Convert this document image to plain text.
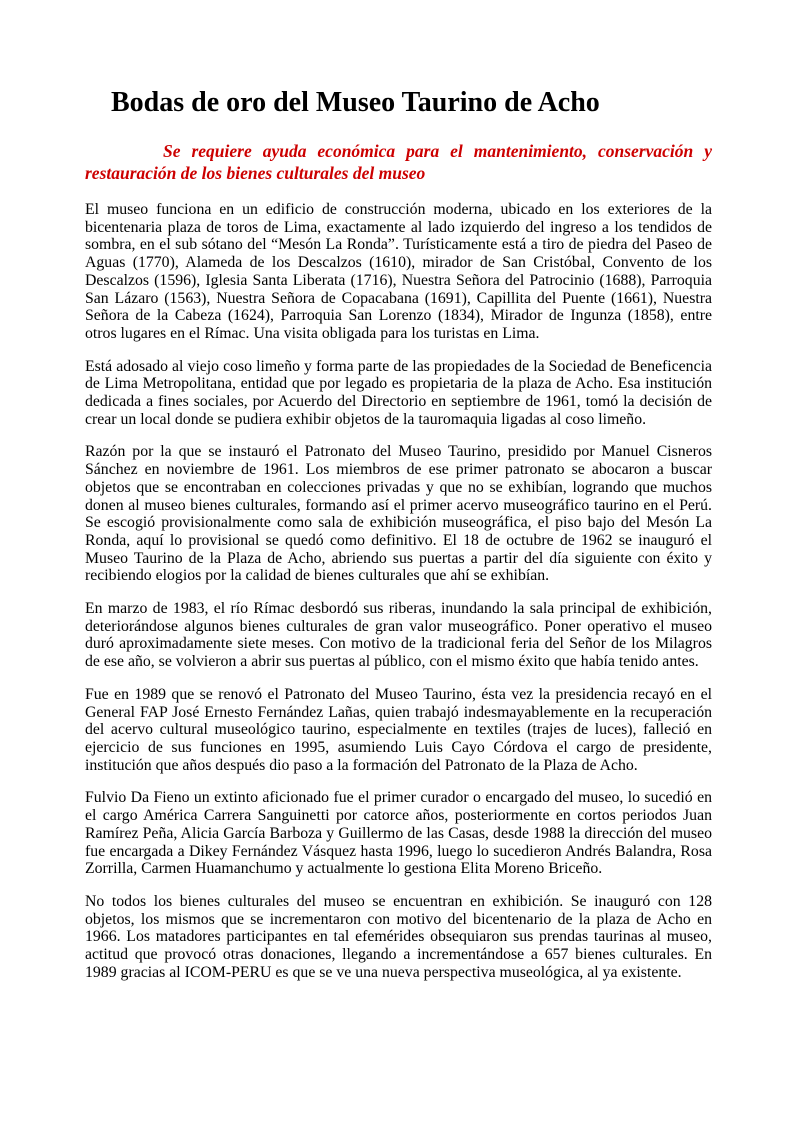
Bodas de oro del Museo Taurino de Acho

Se requiere ayuda económica para el mantenimiento, conservación y restauración de los bienes culturales del museo

El museo funciona en un edificio de construcción moderna, ubicado en los exteriores de la bicentenaria plaza de toros de Lima, exactamente al lado izquierdo del ingreso a los tendidos de sombra, en el sub sótano del “Mesón La Ronda”. Turísticamente está a tiro de piedra del Paseo de Aguas (1770), Alameda de los Descalzos (1610), mirador de San Cristóbal, Convento de los Descalzos (1596), Iglesia Santa Liberata (1716), Nuestra Señora del Patrocinio (1688), Parroquia San Lázaro (1563), Nuestra Señora de Copacabana (1691), Capillita del Puente (1661), Nuestra Señora de la Cabeza (1624), Parroquia San Lorenzo (1834), Mirador de Ingunza (1858), entre otros lugares en el Rímac. Una visita obligada para los turistas en Lima.

Está adosado al viejo coso limeño y forma parte de las propiedades de la Sociedad de Beneficencia de Lima Metropolitana, entidad que por legado es propietaria de la plaza de Acho. Esa institución dedicada a fines sociales, por Acuerdo del Directorio en septiembre de 1961, tomó la decisión de crear un local donde se pudiera exhibir objetos de la tauromaquia ligadas al coso limeño.

Razón por la que se instauró el Patronato del Museo Taurino, presidido por Manuel Cisneros Sánchez en noviembre de 1961. Los miembros de ese primer patronato se abocaron a buscar objetos que se encontraban en colecciones privadas y que no se exhibían, logrando que muchos donen al museo bienes culturales, formando así el primer acervo museográfico taurino en el Perú. Se escogió provisionalmente como sala de exhibición museográfica, el piso bajo del Mesón La Ronda, aquí lo provisional se quedó como definitivo. El 18 de octubre de 1962 se inauguró el Museo Taurino de la Plaza de Acho, abriendo sus puertas a partir del día siguiente con éxito y recibiendo elogios por la calidad de bienes culturales que ahí se exhibían.

En marzo de 1983, el río Rímac desbordó sus riberas, inundando la sala principal de exhibición, deteriorándose algunos bienes culturales de gran valor museográfico. Poner operativo el museo duró aproximadamente siete meses. Con motivo de la tradicional feria del Señor de los Milagros de ese año, se volvieron a abrir sus puertas al público, con el mismo éxito que había tenido antes.

Fue en 1989 que se renovó el Patronato del Museo Taurino, ésta vez la presidencia recayó en el General FAP José Ernesto Fernández Lañas, quien trabajó indesmayablemente en la recuperación del acervo cultural museológico taurino, especialmente en textiles (trajes de luces), falleció en ejercicio de sus funciones en 1995, asumiendo Luis Cayo Córdova el cargo de presidente, institución que años después dio paso a la formación del Patronato de la Plaza de Acho.

Fulvio Da Fieno un extinto aficionado fue el primer curador o encargado del museo, lo sucedió en el cargo América Carrera Sanguinetti por catorce años, posteriormente en cortos periodos Juan Ramírez Peña, Alicia García Barboza y Guillermo de las Casas, desde 1988 la dirección del museo fue encargada a Dikey Fernández Vásquez hasta 1996, luego lo sucedieron Andrés Balandra, Rosa Zorrilla, Carmen Huamanchumo y actualmente lo gestiona Elita Moreno Briceño.

No todos los bienes culturales del museo se encuentran en exhibición. Se inauguró con 128 objetos, los mismos que se incrementaron con motivo del bicentenario de la plaza de Acho en 1966. Los matadores participantes en tal efemérides obsequiaron sus prendas taurinas al museo, actitud que provocó otras donaciones, llegando a incrementándose a 657 bienes culturales. En 1989 gracias al ICOM-PERU es que se ve una nueva perspectiva museológica, al ya existente.
